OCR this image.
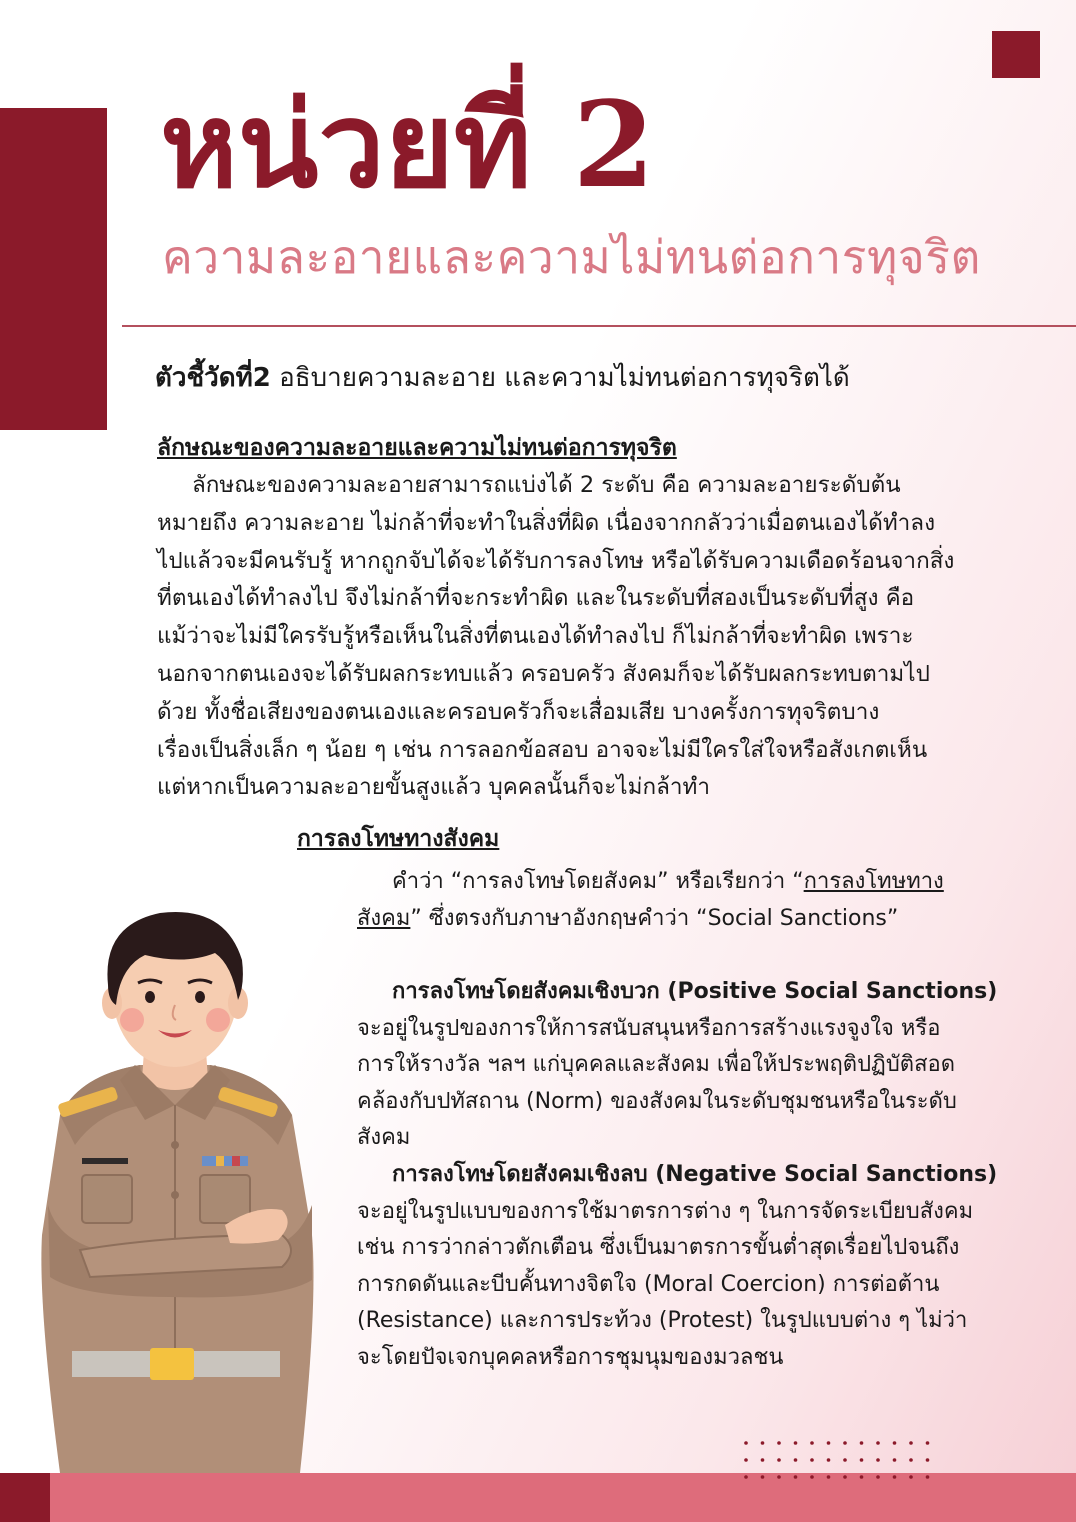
หน่วยที่ 2
ความละอายและความไม่ทนต่อการทุจริต

ตัวชี้วัดที่2 อธิบายความละอาย และความไม่ทนต่อการทุจริตได้

ลักษณะของความละอายและความไม่ทนต่อการทุจริต

ลักษณะของความละอายสามารถแบ่งได้ 2 ระดับ คือ ความละอายระดับต้น
หมายถึง ความละอาย ไม่กล้าที่จะทำในสิ่งที่ผิด เนื่องจากกลัวว่าเมื่อตนเองได้ทำลง
ไปแล้วจะมีคนรับรู้ หากถูกจับได้จะได้รับการลงโทษ หรือได้รับความเดือดร้อนจากสิ่ง
ที่ตนเองได้ทำลงไป จึงไม่กล้าที่จะกระทำผิด และในระดับที่สองเป็นระดับที่สูง คือ
แม้ว่าจะไม่มีใครรับรู้หรือเห็นในสิ่งที่ตนเองได้ทำลงไป ก็ไม่กล้าที่จะทำผิด เพราะ
นอกจากตนเองจะได้รับผลกระทบแล้ว ครอบครัว สังคมก็จะได้รับผลกระทบตามไป
ด้วย ทั้งชื่อเสียงของตนเองและครอบครัวก็จะเสื่อมเสีย บางครั้งการทุจริตบาง
เรื่องเป็นสิ่งเล็ก ๆ น้อย ๆ เช่น การลอกข้อสอบ อาจจะไม่มีใครใส่ใจหรือสังเกตเห็น
แต่หากเป็นความละอายขั้นสูงแล้ว บุคคลนั้นก็จะไม่กล้าทำ

การลงโทษทางสังคม

คำว่า “การลงโทษโดยสังคม” หรือเรียกว่า “การลงโทษทาง
สังคม” ซึ่งตรงกับภาษาอังกฤษคำว่า “Social Sanctions”
การลงโทษโดยสังคมเชิงบวก (Positive Social Sanctions)
จะอยู่ในรูปของการให้การสนับสนุนหรือการสร้างแรงจูงใจ หรือ
การให้รางวัล ฯลฯ แก่บุคคลและสังคม เพื่อให้ประพฤติปฏิบัติสอด
คล้องกับปทัสถาน (Norm) ของสังคมในระดับชุมชนหรือในระดับ
สังคม
การลงโทษโดยสังคมเชิงลบ (Negative Social Sanctions)
จะอยู่ในรูปแบบของการใช้มาตรการต่าง ๆ ในการจัดระเบียบสังคม
เช่น การว่ากล่าวตักเตือน ซึ่งเป็นมาตรการขั้นต่ำสุดเรื่อยไปจนถึง
การกดดันและบีบคั้นทางจิตใจ (Moral Coercion) การต่อต้าน
(Resistance) และการประท้วง (Protest) ในรูปแบบต่าง ๆ ไม่ว่า
จะโดยปัจเจกบุคคลหรือการชุมนุมของมวลชน
